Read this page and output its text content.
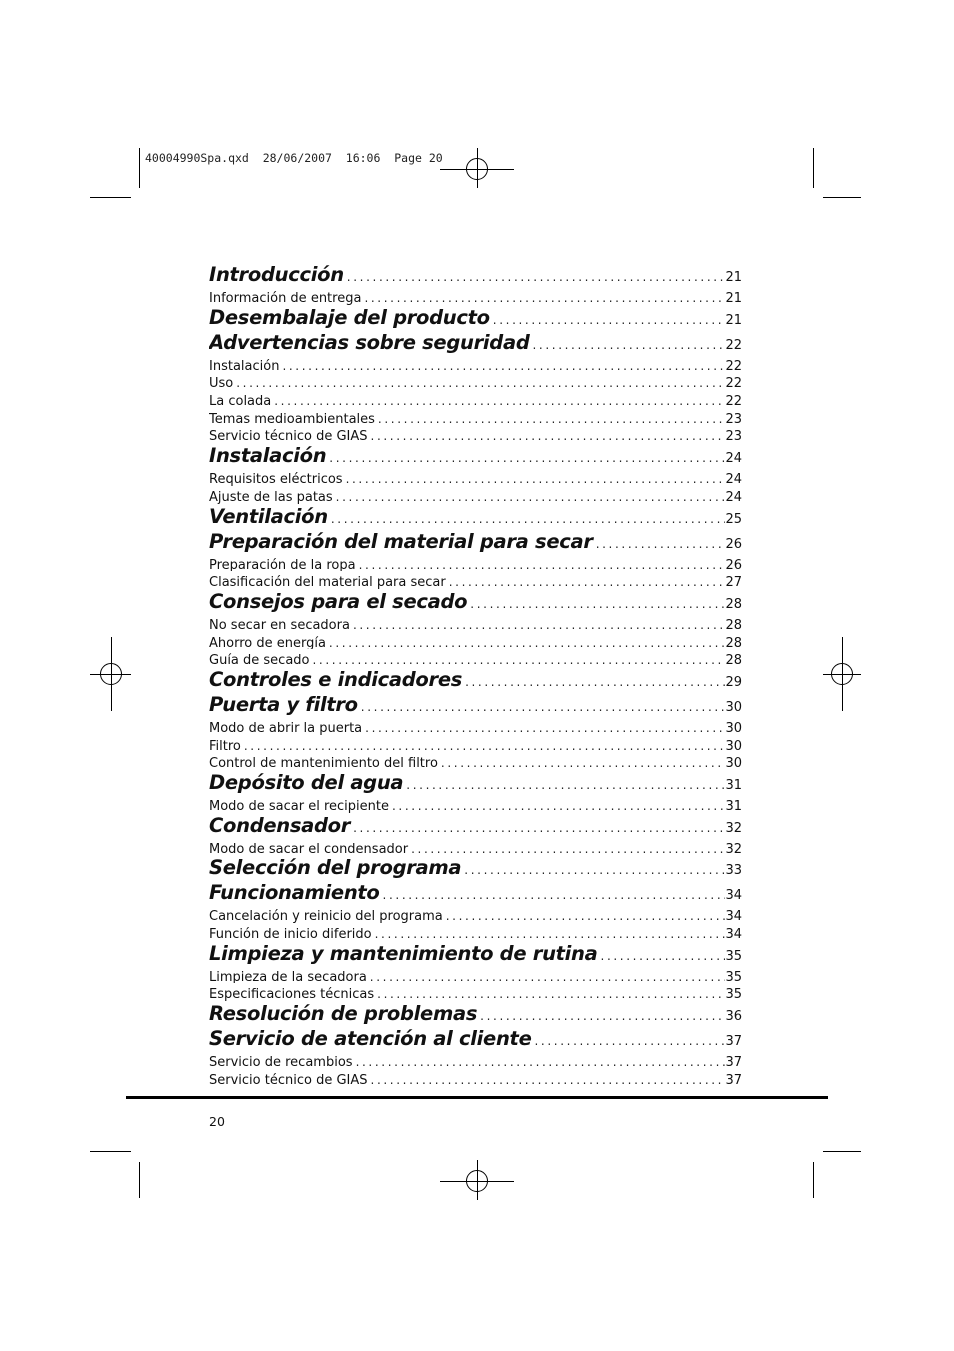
40004990Spa.qxd  28/06/2007  16:06  Page 20
Introducción . . .	21
Información de entrega . . .	21
Desembalaje del producto . . .	21
Advertencias sobre seguridad . . .	22
Instalación . . .	22
Uso . . .	22
La colada . . .	22
Temas medioambientales . . .	23
Servicio técnico de GIAS . . .	23
Instalación . . .	24
Requisitos eléctricos . . .	24
Ajuste de las patas . . .	24
Ventilación . . .	25
Preparación del material para secar . . .	26
Preparación de la ropa . . .	26
Clasificación del material para secar . . .	27
Consejos para el secado . . .	28
No secar en secadora . . .	28
Ahorro de energía . . .	28
Guía de secado . . .	28
Controles e indicadores . . .	29
Puerta y filtro . . .	30
Modo de abrir la puerta . . .	30
Filtro . . .	30
Control de mantenimiento del filtro . . .	30
Depósito del agua . . .	31
Modo de sacar el recipiente . . .	31
Condensador . . .	32
Modo de sacar el condensador . . .	32
Selección del programa . . .	33
Funcionamiento . . .	34
Cancelación y reinicio del programa . . .	34
Función de inicio diferido . . .	34
Limpieza y mantenimiento de rutina . . .	35
Limpieza de la secadora . . .	35
Especificaciones técnicas . . .	35
Resolución de problemas . . .	36
Servicio de atención al cliente . . .	37
Servicio de recambios . . .	37
Servicio técnico de GIAS . . .	37
20
